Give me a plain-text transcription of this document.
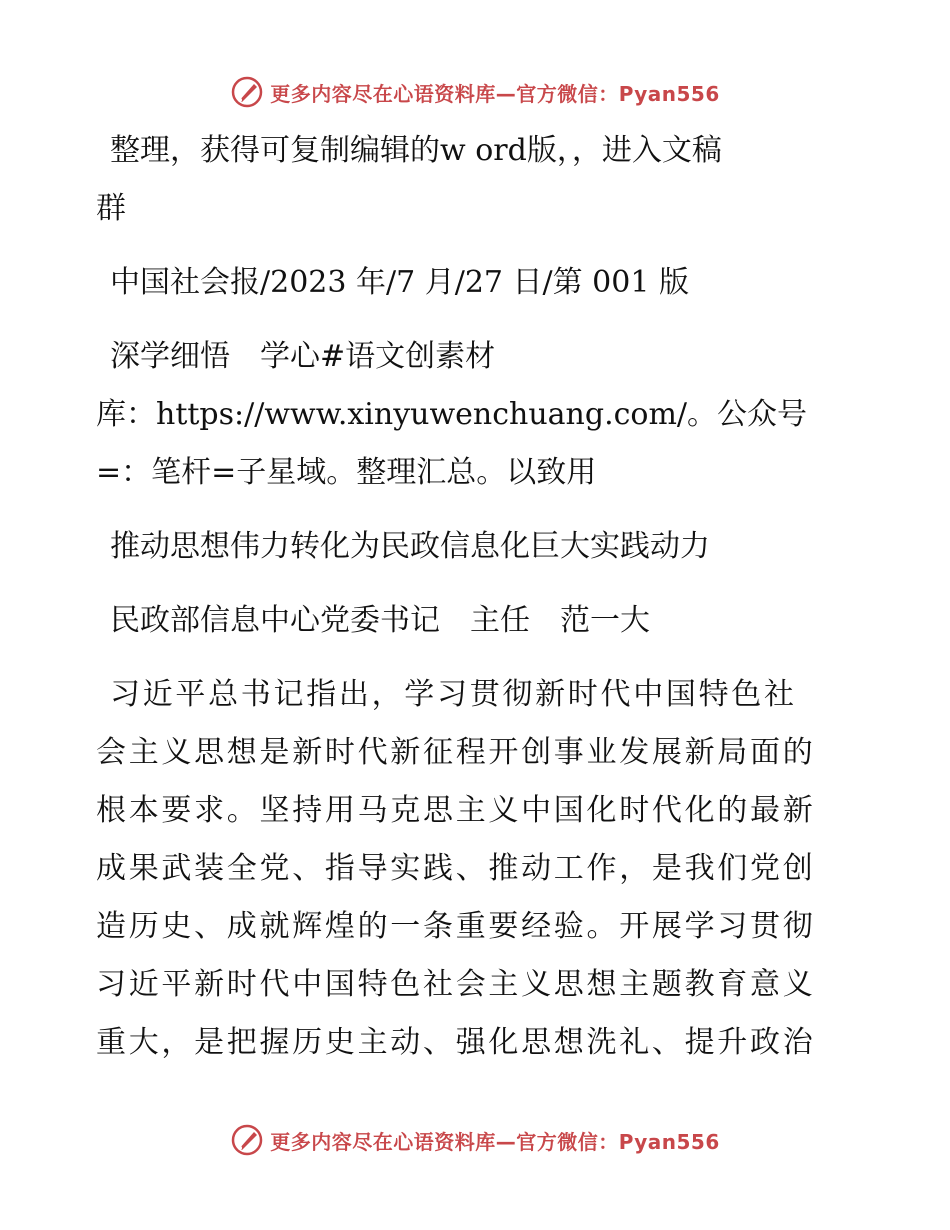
更多内容尽在心语资料库—官方微信：Pyan556
整理，获得可复制编辑的w ord版，，进入文稿
群
中国社会报/2023 年/7 月/27 日/第 001 版
深学细悟　学心#语文创素材
库：https://www.xinyuwenchuang.com/。公众号
=：笔杆=子星域。整理汇总。以致用
推动思想伟力转化为民政信息化巨大实践动力
民政部信息中心党委书记　主任　范一大
习近平总书记指出，学习贯彻新时代中国特色社
会主义思想是新时代新征程开创事业发展新局面的
根本要求。坚持用马克思主义中国化时代化的最新
成果武装全党、指导实践、推动工作，是我们党创
造历史、成就辉煌的一条重要经验。开展学习贯彻
习近平新时代中国特色社会主义思想主题教育意义
重大，是把握历史主动、强化思想洗礼、提升政治
更多内容尽在心语资料库—官方微信：Pyan556
